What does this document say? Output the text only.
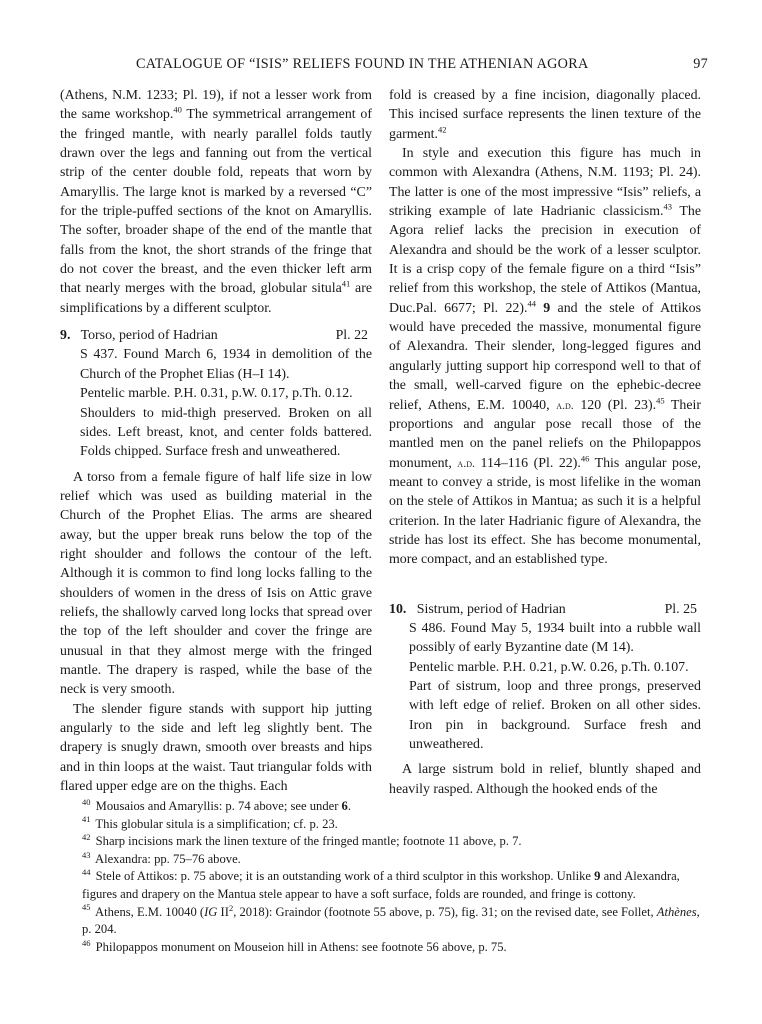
CATALOGUE OF “ISIS” RELIEFS FOUND IN THE ATHENIAN AGORA	97

(Athens, N.M. 1233; Pl. 19), if not a lesser work from the same workshop.$^{40}$ The symmetrical arrangement of the fringed mantle, with nearly parallel folds tautly drawn over the legs and fanning out from the vertical strip of the center double fold, repeats that worn by Amaryllis. The large knot is marked by a reversed “C” for the triple-puffed sections of the knot on Amaryllis. The softer, broader shape of the end of the mantle that falls from the knot, the short strands of the fringe that do not cover the breast, and the even thicker left arm that nearly merges with the broad, globular situla$^{41}$ are simplifications by a different sculptor.

9. Torso, period of Hadrian	Pl. 22

S 437. Found March 6, 1934 in demolition of the Church of the Prophet Elias (H–I 14).

Pentelic marble. P.H. 0.31, p.W. 0.17, p.Th. 0.12.

Shoulders to mid-thigh preserved. Broken on all sides. Left breast, knot, and center folds battered. Folds chipped. Surface fresh and unweathered.

A torso from a female figure of half life size in low relief which was used as building material in the Church of the Prophet Elias. The arms are sheared away, but the upper break runs below the top of the right shoulder and follows the contour of the left. Although it is common to find long locks falling to the shoulders of women in the dress of Isis on Attic grave reliefs, the shallowly carved long locks that spread over the top of the left shoulder and cover the fringe are unusual in that they almost merge with the fringed mantle. The drapery is rasped, while the base of the neck is very smooth.

The slender figure stands with support hip jutting angularly to the side and left leg slightly bent. The drapery is snugly drawn, smooth over breasts and hips and in thin loops at the waist. Taut triangular folds with flared upper edge are on the thighs. Each

fold is creased by a fine incision, diagonally placed. This incised surface represents the linen texture of the garment.$^{42}$

In style and execution this figure has much in common with Alexandra (Athens, N.M. 1193; Pl. 24). The latter is one of the most impressive “Isis” reliefs, a striking example of late Hadrianic classicism.$^{43}$ The Agora relief lacks the precision in execution of Alexandra and should be the work of a lesser sculptor. It is a crisp copy of the female figure on a third “Isis” relief from this workshop, the stele of Attikos (Mantua, Duc.Pal. 6677; Pl. 22).$^{44}$ 9 and the stele of Attikos would have preceded the massive, monumental figure of Alexandra. Their slender, long-legged figures and angularly jutting support hip correspond well to that of the small, well-carved figure on the ephebic-decree relief, Athens, E.M. 10040, a.d. 120 (Pl. 23).$^{45}$ Their proportions and angular pose recall those of the mantled men on the panel reliefs on the Philopappos monument, a.d. 114–116 (Pl. 22).$^{46}$ This angular pose, meant to convey a stride, is most lifelike in the woman on the stele of Attikos in Mantua; as such it is a helpful criterion. In the later Hadrianic figure of Alexandra, the stride has lost its effect. She has become monumental, more compact, and an established type.

10. Sistrum, period of Hadrian	Pl. 25

S 486. Found May 5, 1934 built into a rubble wall possibly of early Byzantine date (M 14).

Pentelic marble. P.H. 0.21, p.W. 0.26, p.Th. 0.107.

Part of sistrum, loop and three prongs, preserved with left edge of relief. Broken on all other sides. Iron pin in background. Surface fresh and unweathered.

A large sistrum bold in relief, bluntly shaped and heavily rasped. Although the hooked ends of the

$^{40}$ Mousaios and Amaryllis: p. 74 above; see under 6.

$^{41}$ This globular situla is a simplification; cf. p. 23.

$^{42}$ Sharp incisions mark the linen texture of the fringed mantle; footnote 11 above, p. 7.

$^{43}$ Alexandra: pp. 75–76 above.

$^{44}$ Stele of Attikos: p. 75 above; it is an outstanding work of a third sculptor in this workshop. Unlike 9 and Alexandra, figures and drapery on the Mantua stele appear to have a soft surface, folds are rounded, and fringe is cottony.

$^{45}$ Athens, E.M. 10040 (IG $II^2$, 2018): Graindor (footnote 55 above, p. 75), fig. 31; on the revised date, see Follet, Athènes, p. 204.

$^{46}$ Philopappos monument on Mouseion hill in Athens: see footnote 56 above, p. 75.
